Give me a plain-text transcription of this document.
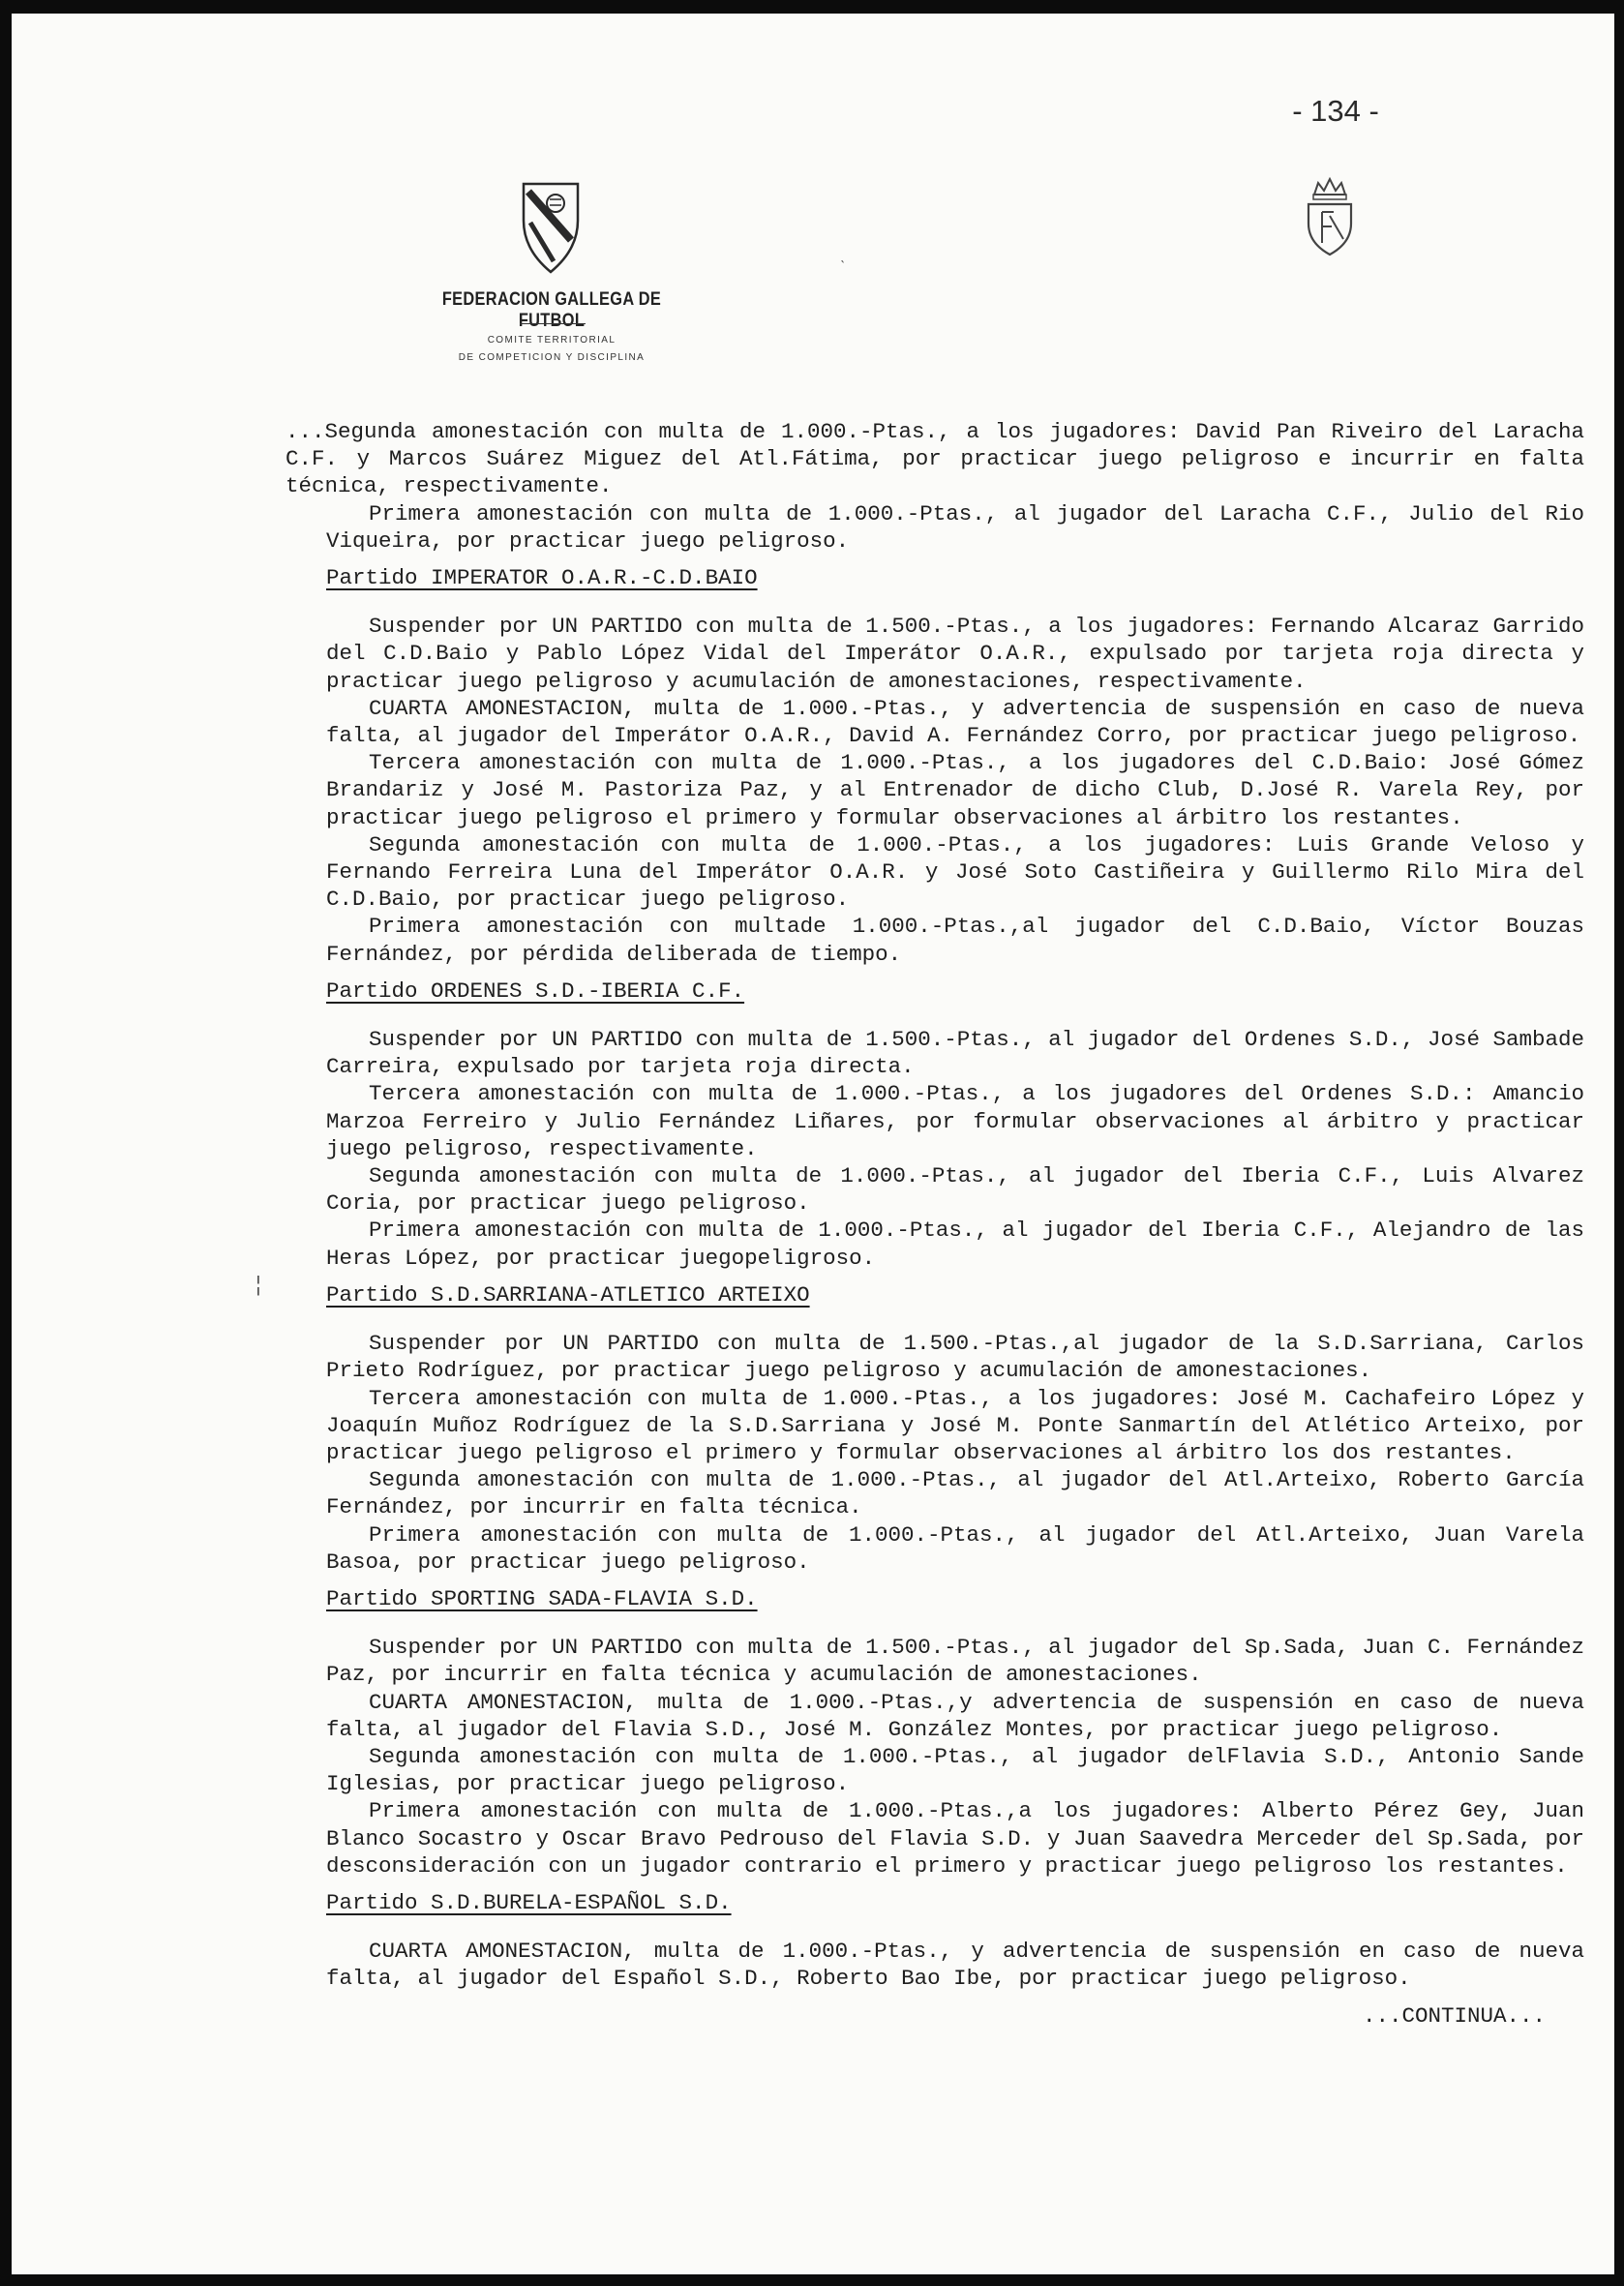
- 134 -
FEDERACION GALLEGA DE FUTBOL
COMITE TERRITORIAL
DE COMPETICION Y DISCIPLINA
ˋ
¦

...Segunda amonestación con multa de 1.000.-Ptas., a los jugadores: David Pan Riveiro del Laracha C.F. y Marcos Suárez Miguez del Atl.Fátima, por practicar juego peligroso e incurrir en falta técnica, respectivamente.

Primera amonestación con multa de 1.000.-Ptas., al jugador del Laracha C.F., Julio del Rio Viqueira, por practicar juego peligroso.

Partido IMPERATOR O.A.R.-C.D.BAIO

Suspender por UN PARTIDO con multa de 1.500.-Ptas., a los jugadores: Fernando Alcaraz Garrido del C.D.Baio y Pablo López Vidal del Imperátor O.A.R., expulsado por tarjeta roja directa y practicar juego peligroso y acumulación de amonestaciones, respectivamente.

CUARTA AMONESTACION, multa de 1.000.-Ptas., y advertencia de suspensión en caso de nueva falta, al jugador del Imperátor O.A.R., David A. Fernández Corro, por practicar juego peligroso.

Tercera amonestación con multa de 1.000.-Ptas., a los jugadores del C.D.Baio: José Gómez Brandariz y José M. Pastoriza Paz, y al Entrenador de dicho Club, D.José R. Varela Rey, por practicar juego peligroso el primero y formular observaciones al árbitro los restantes.

Segunda amonestación con multa de 1.000.-Ptas., a los jugadores: Luis Grande Veloso y Fernando Ferreira Luna del Imperátor O.A.R. y José Soto Castiñeira y Guillermo Rilo Mira del C.D.Baio, por practicar juego peligroso.

Primera amonestación con multade 1.000.-Ptas.,al jugador del C.D.Baio, Víctor Bouzas Fernández, por pérdida deliberada de tiempo.

Partido ORDENES S.D.-IBERIA C.F.

Suspender por UN PARTIDO con multa de 1.500.-Ptas., al jugador del Ordenes S.D., José Sambade Carreira, expulsado por tarjeta roja directa.

Tercera amonestación con multa de 1.000.-Ptas., a los jugadores del Ordenes S.D.: Amancio Marzoa Ferreiro y Julio Fernández Liñares, por formular observaciones al árbitro y practicar juego peligroso, respectivamente.

Segunda amonestación con multa de 1.000.-Ptas., al jugador del Iberia C.F., Luis Alvarez Coria, por practicar juego peligroso.

Primera amonestación con multa de 1.000.-Ptas., al jugador del Iberia C.F., Alejandro de las Heras López, por practicar juegopeligroso.

Partido S.D.SARRIANA-ATLETICO ARTEIXO

Suspender por UN PARTIDO con multa de 1.500.-Ptas.,al jugador de la S.D.Sarriana, Carlos Prieto Rodríguez, por practicar juego peligroso y acumulación de amonestaciones.

Tercera amonestación con multa de 1.000.-Ptas., a los jugadores: José M. Cachafeiro López y Joaquín Muñoz Rodríguez de la S.D.Sarriana y José M. Ponte Sanmartín del Atlético Arteixo, por practicar juego peligroso el primero y formular observaciones al árbitro los dos restantes.

Segunda amonestación con multa de 1.000.-Ptas., al jugador del Atl.Arteixo, Roberto García Fernández, por incurrir en falta técnica.

Primera amonestación con multa de 1.000.-Ptas., al jugador del Atl.Arteixo, Juan Varela Basoa, por practicar juego peligroso.

Partido SPORTING SADA-FLAVIA S.D.

Suspender por UN PARTIDO con multa de 1.500.-Ptas., al jugador del Sp.Sada, Juan C. Fernández Paz, por incurrir en falta técnica y acumulación de amonestaciones.

CUARTA AMONESTACION, multa de 1.000.-Ptas.,y advertencia de suspensión en caso de nueva falta, al jugador del Flavia S.D., José M. González Montes, por practicar juego peligroso.

Segunda amonestación con multa de 1.000.-Ptas., al jugador delFlavia S.D., Antonio Sande Iglesias, por practicar juego peligroso.

Primera amonestación con multa de 1.000.-Ptas.,a los jugadores: Alberto Pérez Gey, Juan Blanco Socastro y Oscar Bravo Pedrouso del Flavia S.D. y Juan Saavedra Merceder del Sp.Sada, por desconsideración con un jugador contrario el primero y practicar juego peligroso los restantes.

Partido S.D.BURELA-ESPAÑOL S.D.

CUARTA AMONESTACION, multa de 1.000.-Ptas., y advertencia de suspensión en caso de nueva falta, al jugador del Español S.D., Roberto Bao Ibe, por practicar juego peligroso.

...CONTINUA...
